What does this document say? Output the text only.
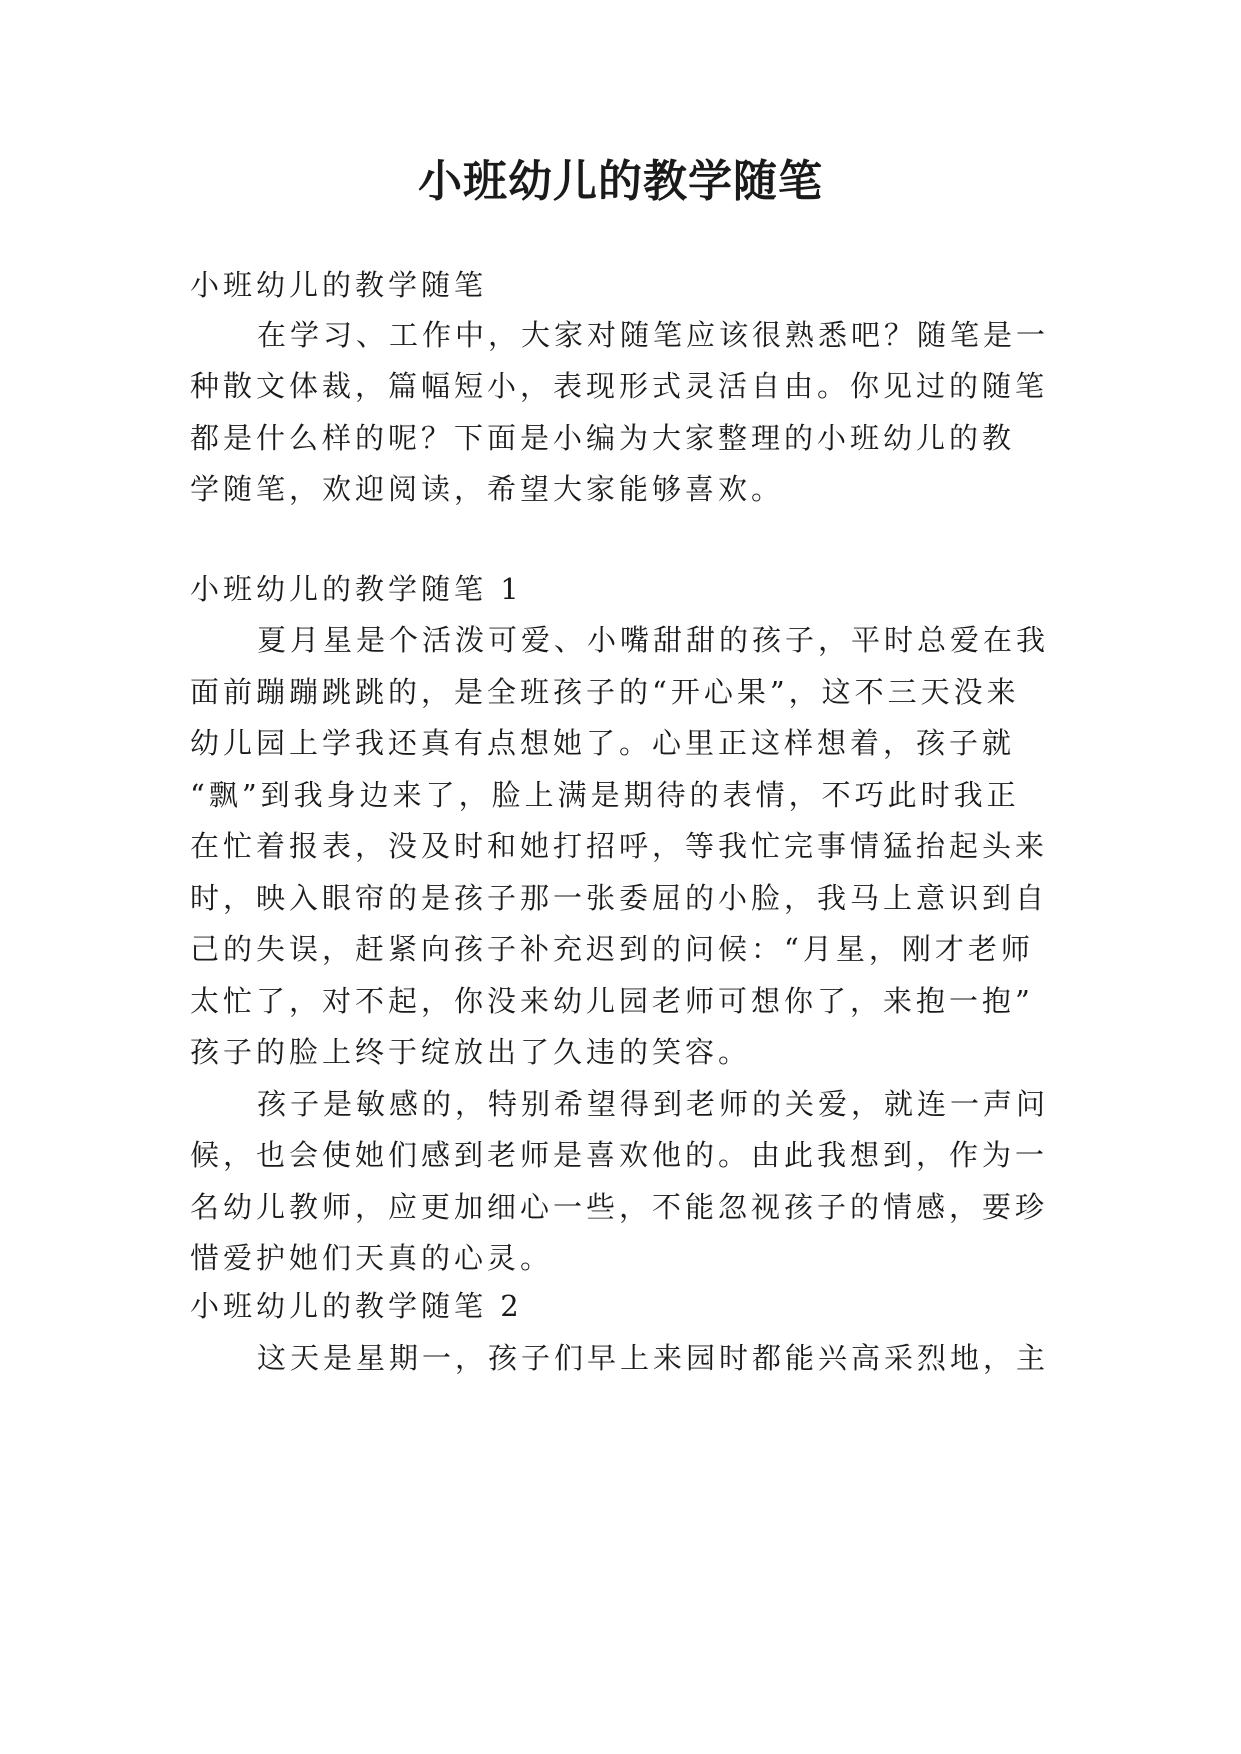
小班幼儿的教学随笔

小班幼儿的教学随笔

在学习、工作中，大家对随笔应该很熟悉吧？随笔是一

种散文体裁，篇幅短小，表现形式灵活自由。你见过的随笔

都是什么样的呢？下面是小编为大家整理的小班幼儿的教

学随笔，欢迎阅读，希望大家能够喜欢。

小班幼儿的教学随笔 1

夏月星是个活泼可爱、小嘴甜甜的孩子，平时总爱在我

面前蹦蹦跳跳的，是全班孩子的“开心果”，这不三天没来

幼儿园上学我还真有点想她了。心里正这样想着，孩子就

“飘”到我身边来了，脸上满是期待的表情，不巧此时我正

在忙着报表，没及时和她打招呼，等我忙完事情猛抬起头来

时，映入眼帘的是孩子那一张委屈的小脸，我马上意识到自

己的失误，赶紧向孩子补充迟到的问候：“月星，刚才老师

太忙了，对不起，你没来幼儿园老师可想你了，来抱一抱”

孩子的脸上终于绽放出了久违的笑容。

孩子是敏感的，特别希望得到老师的关爱，就连一声问

候，也会使她们感到老师是喜欢他的。由此我想到，作为一

名幼儿教师，应更加细心一些，不能忽视孩子的情感，要珍

惜爱护她们天真的心灵。

小班幼儿的教学随笔 2

这天是星期一，孩子们早上来园时都能兴高采烈地，主
